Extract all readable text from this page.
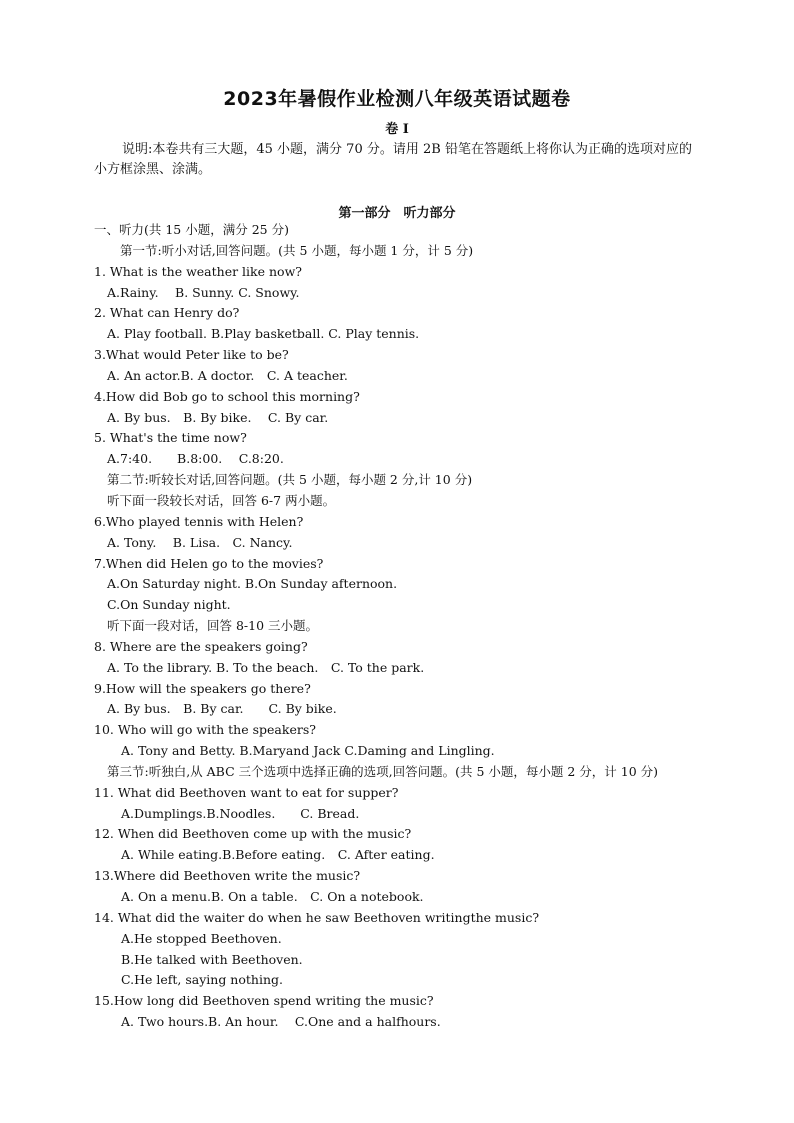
2023年暑假作业检测八年级英语试题卷
卷 I
说明:本卷共有三大题，45 小题，满分 70 分。请用 2B 铅笔在答题纸上将你认为正确的选项对应的小方框涂黑、涂满。
第一部分　听力部分
一、听力(共 15 小题，满分 25 分)
第一节:听小对话,回答问题。(共 5 小题，每小题 1 分，计 5 分)
1. What is the weather like now?
A.Rainy.　 B. Sunny. C. Snowy.
2. What can Henry do?
A. Play football. B.Play basketball. C. Play tennis.
3.What would Peter like to be?
A. An actor.B. A doctor.　C. A teacher.
4.How did Bob go to school this morning?
A. By bus.　B. By bike.　 C. By car.
5. What's the time now?
A.7:40.　　B.8:00.　 C.8:20.
第二节:听较长对话,回答问题。(共 5 小题，每小题 2 分,计 10 分)
听下面一段较长对话，回答 6-7 两小题。
6.Who played tennis with Helen?
A. Tony.　 B. Lisa.　C. Nancy.
7.When did Helen go to the movies?
A.On Saturday night. B.On Sunday afternoon.
C.On Sunday night.
听下面一段对话，回答 8-10 三小题。
8. Where are the speakers going?
A. To the library. B. To the beach.　C. To the park.
9.How will the speakers go there?
A. By bus.　B. By car.　　C. By bike.
10. Who will go with the speakers?
A. Tony and Betty. B.Maryand Jack C.Daming and Lingling.
第三节:听独白,从 ABC 三个选项中选择正确的选项,回答问题。(共 5 小题，每小题 2 分，计 10 分)
11. What did Beethoven want to eat for supper?
A.Dumplings.B.Noodles.　　C. Bread.
12. When did Beethoven come up with the music?
A. While eating.B.Before eating.　C. After eating.
13.Where did Beethoven write the music?
A. On a menu.B. On a table.　C. On a notebook.
14. What did the waiter do when he saw Beethoven writingthe music?
A.He stopped Beethoven.
B.He talked with Beethoven.
C.He left, saying nothing.
15.How long did Beethoven spend writing the music?
A. Two hours.B. An hour.　 C.One and a halfhours.
